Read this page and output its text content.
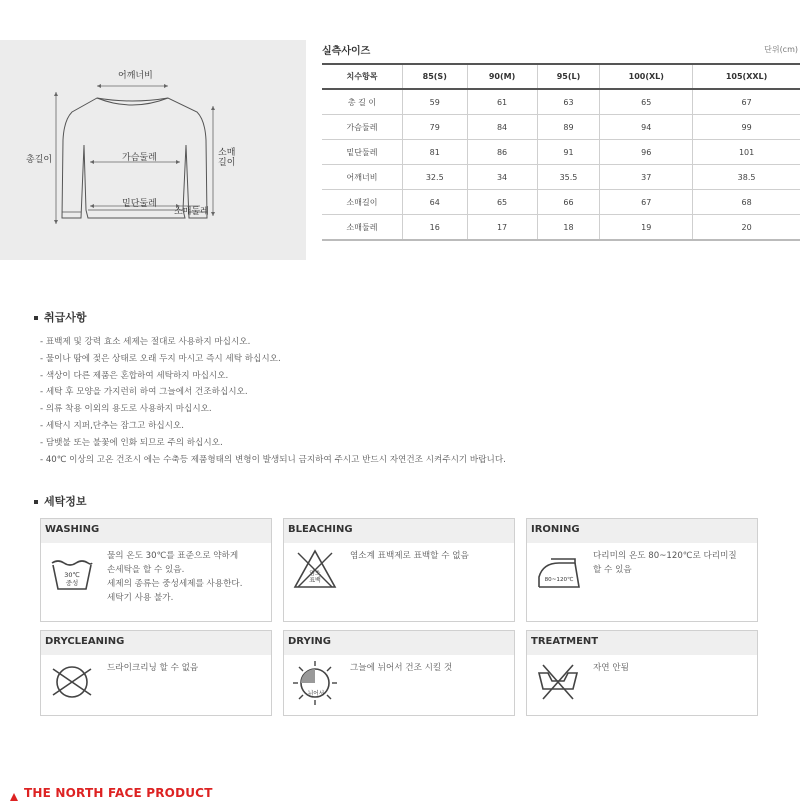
어깨너비
총길이	가슴둘레	소매
길이
밑단둘레
소매둘레
실측사이즈	단위(cm)
치수항목	85(S)	90(M)	95(L)	100(XL)	105(XXL)
총 길 이	59	61	63	65	67
가슴둘레	79	84	89	94	99
밑단둘레	81	86	91	96	101
어깨너비	32.5	34	35.5	37	38.5
소매길이	64	65	66	67	68
소매둘레	16	17	18	19	20
취급사항
- 표백제 및 강력 효소 세제는 절대로 사용하지 마십시오.
- 물이나 땀에 젖은 상태로 오래 두지 마시고 즉시 세탁 하십시오.
- 색상이 다른 제품은 혼합하여 세탁하지 마십시오.
- 세탁 후 모양을 가지런히 하여 그늘에서 건조하십시오.
- 의류 착용 이외의 용도로 사용하지 마십시오.
- 세탁시 지퍼,단추는 잠그고 하십시오.
- 담뱃불 또는 불꽃에 인화 되므로 주의 하십시오.
- 40℃ 이상의 고온 건조시 에는 수축등 제품형태의 변형이 발생되니 금지하여 주시고 반드시 자연건조 시켜주시기 바랍니다.
세탁정보
WASHING
30℃
중성
물의 온도 30℃를 표준으로 약하게
손세탁을 할 수 있음.
세제의 종류는 중성세제를 사용한다.
세탁기 사용 불가.
BLEACHING
염소
표백
염소계 표백제로 표백할 수 없음
IRONING
80~120℃
다리미의 온도 80~120℃로 다리미질
할 수 있음
DRYCLEANING
드라이크리닝 할 수 없음
DRYING
뉘어서
그늘에 뉘어서 건조 시킬 것
TREATMENT
자연 안됨
THE NORTH FACE PRODUCT
